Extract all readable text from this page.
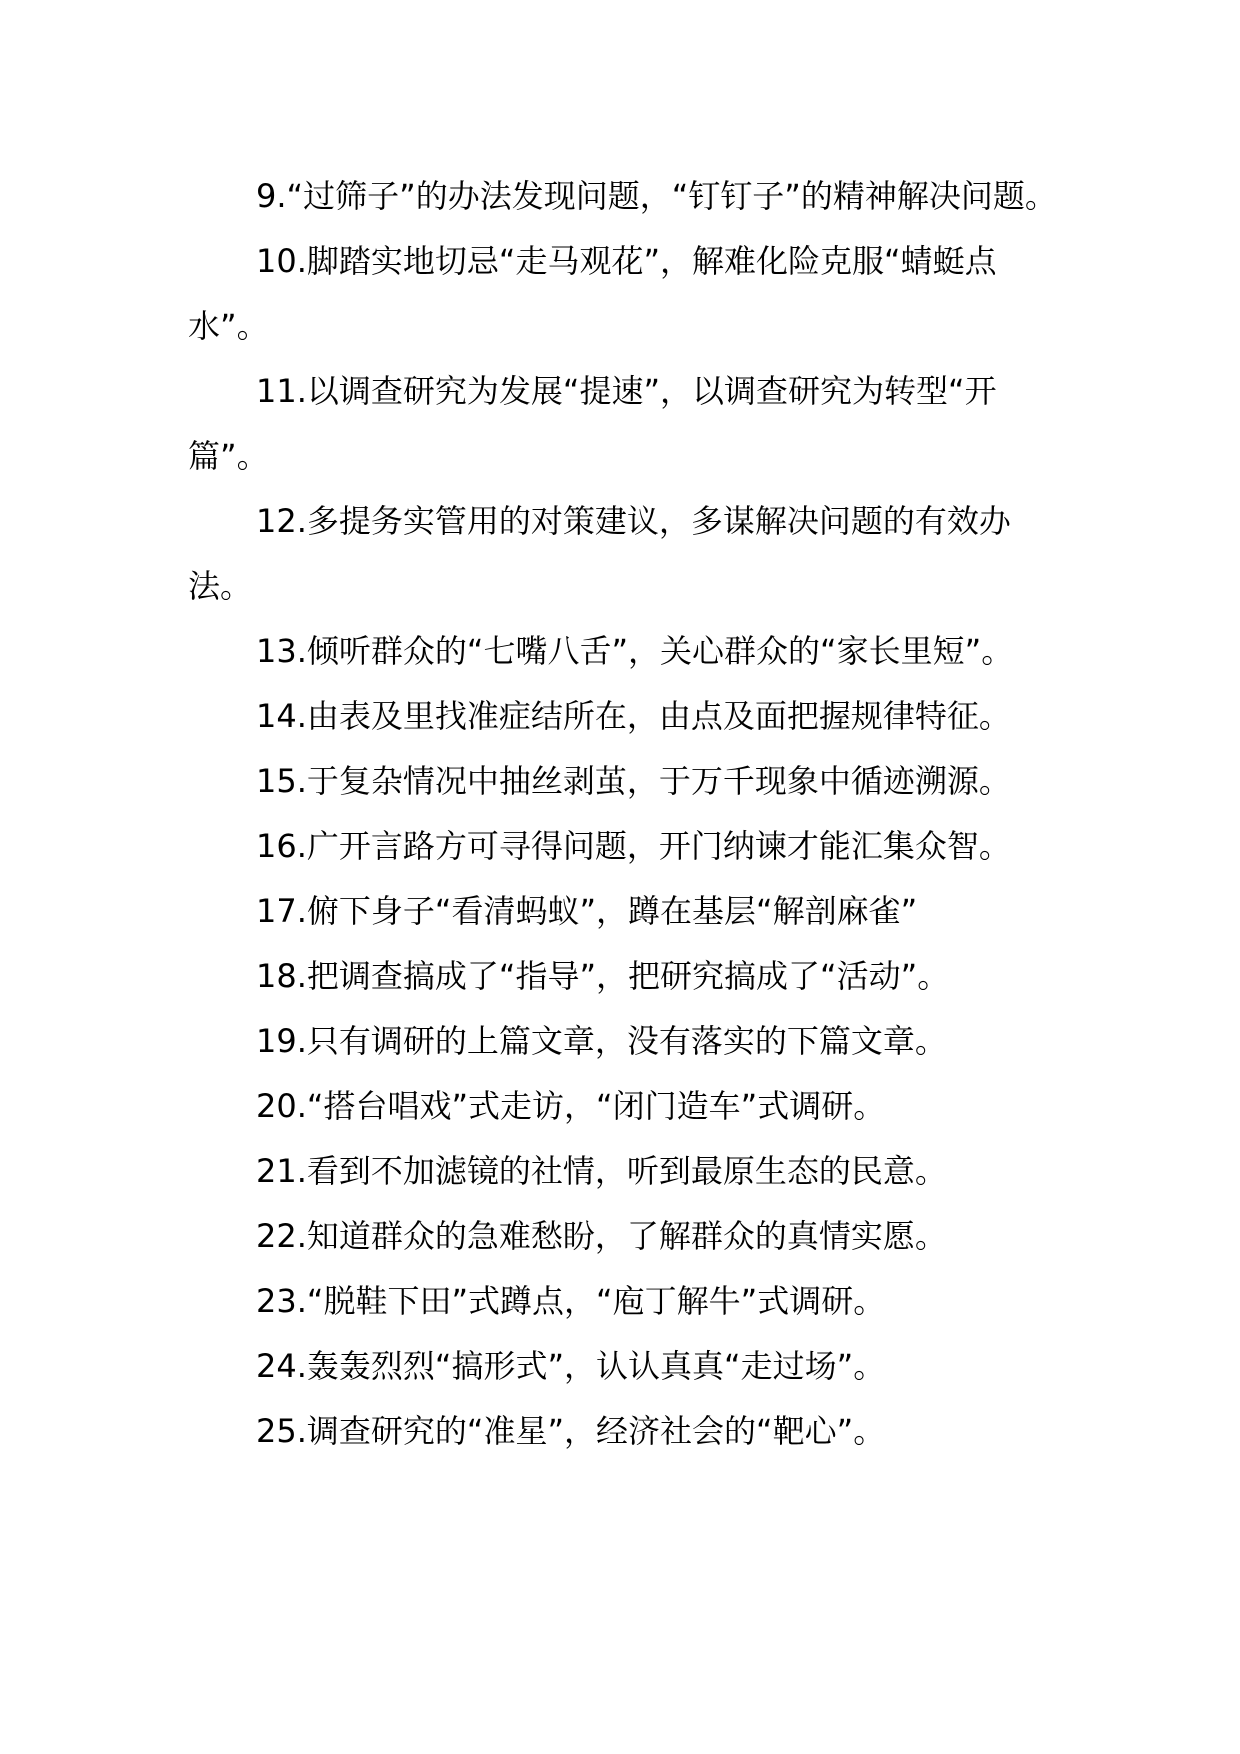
9.“过筛子”的办法发现问题，“钉钉子”的精神解决问题。

10.脚踏实地切忌“走马观花”，解难化险克服“蜻蜓点水”。

11.以调查研究为发展“提速”，以调查研究为转型“开篇”。

12.多提务实管用的对策建议，多谋解决问题的有效办法。

13.倾听群众的“七嘴八舌”，关心群众的“家长里短”。

14.由表及里找准症结所在，由点及面把握规律特征。

15.于复杂情况中抽丝剥茧，于万千现象中循迹溯源。

16.广开言路方可寻得问题，开门纳谏才能汇集众智。

17.俯下身子“看清蚂蚁”，蹲在基层“解剖麻雀”

18.把调查搞成了“指导”，把研究搞成了“活动”。

19.只有调研的上篇文章，没有落实的下篇文章。

20.“搭台唱戏”式走访，“闭门造车”式调研。

21.看到不加滤镜的社情，听到最原生态的民意。

22.知道群众的急难愁盼，了解群众的真情实愿。

23.“脱鞋下田”式蹲点，“庖丁解牛”式调研。

24.轰轰烈烈“搞形式”，认认真真“走过场”。

25.调查研究的“准星”，经济社会的“靶心”。
